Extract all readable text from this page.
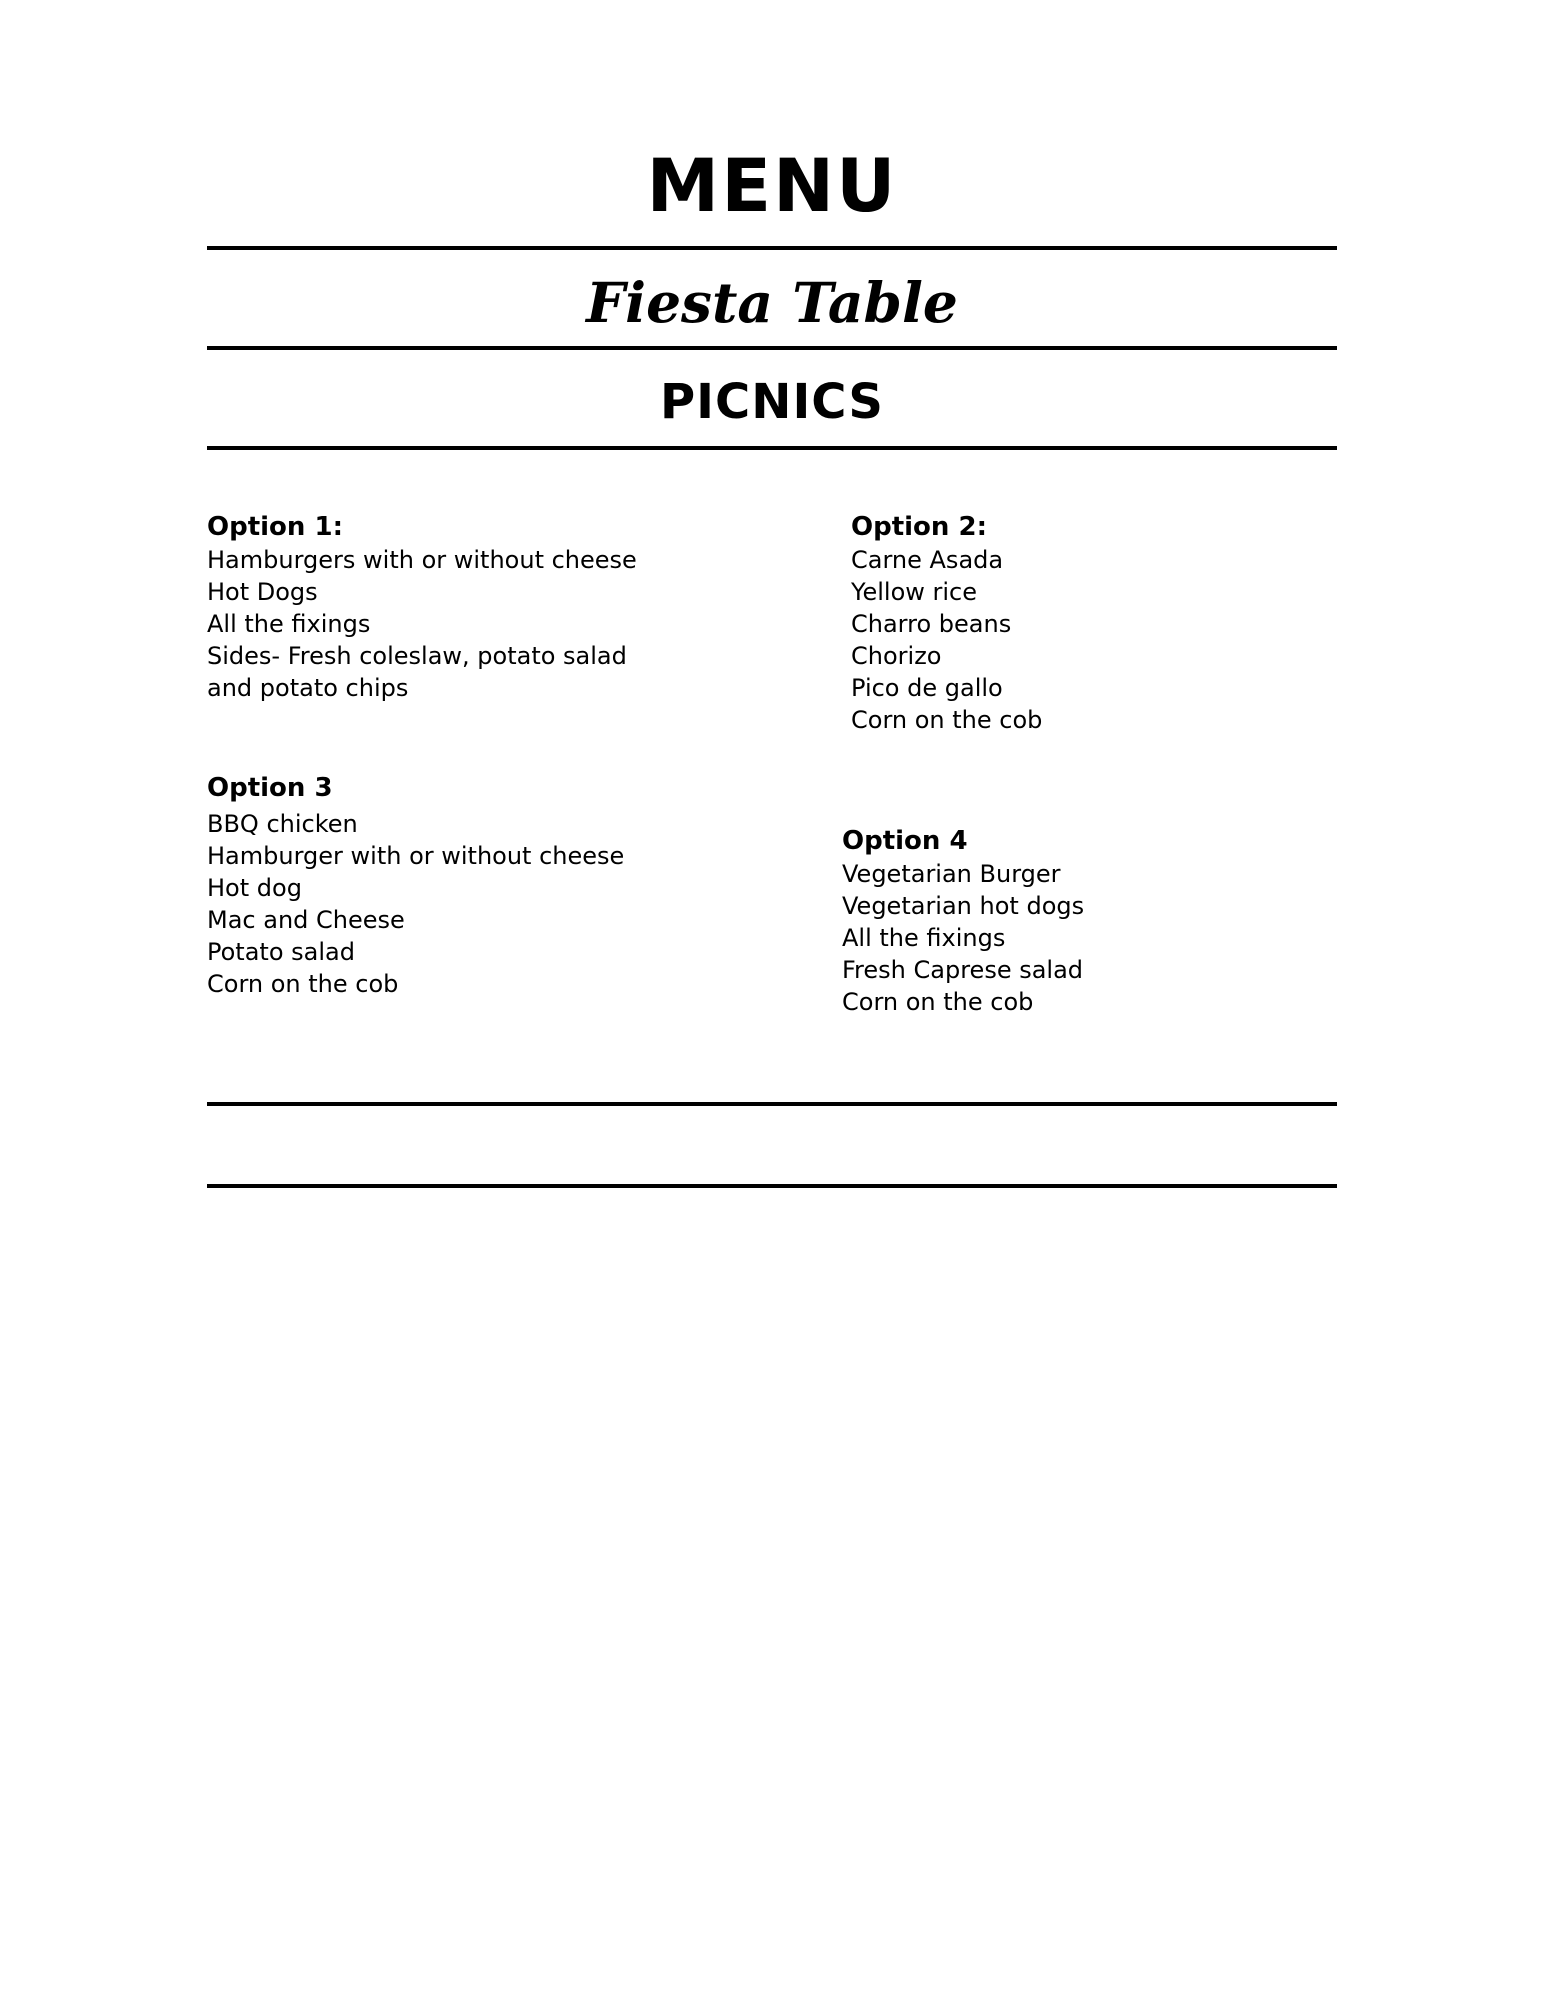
MENU
Fiesta Table
PICNICS
Option 1:
Hamburgers with or without cheese
Hot Dogs
All the fixings
Sides- Fresh coleslaw, potato salad and potato chips
Option 2:
Carne Asada
Yellow rice
Charro beans
Chorizo
Pico de gallo
Corn on the cob
Option 3
BBQ chicken
Hamburger with or without cheese
Hot dog
Mac and Cheese
Potato salad
Corn on the cob
Option 4
Vegetarian Burger
Vegetarian hot dogs
All the fixings
Fresh Caprese salad
Corn on the cob
